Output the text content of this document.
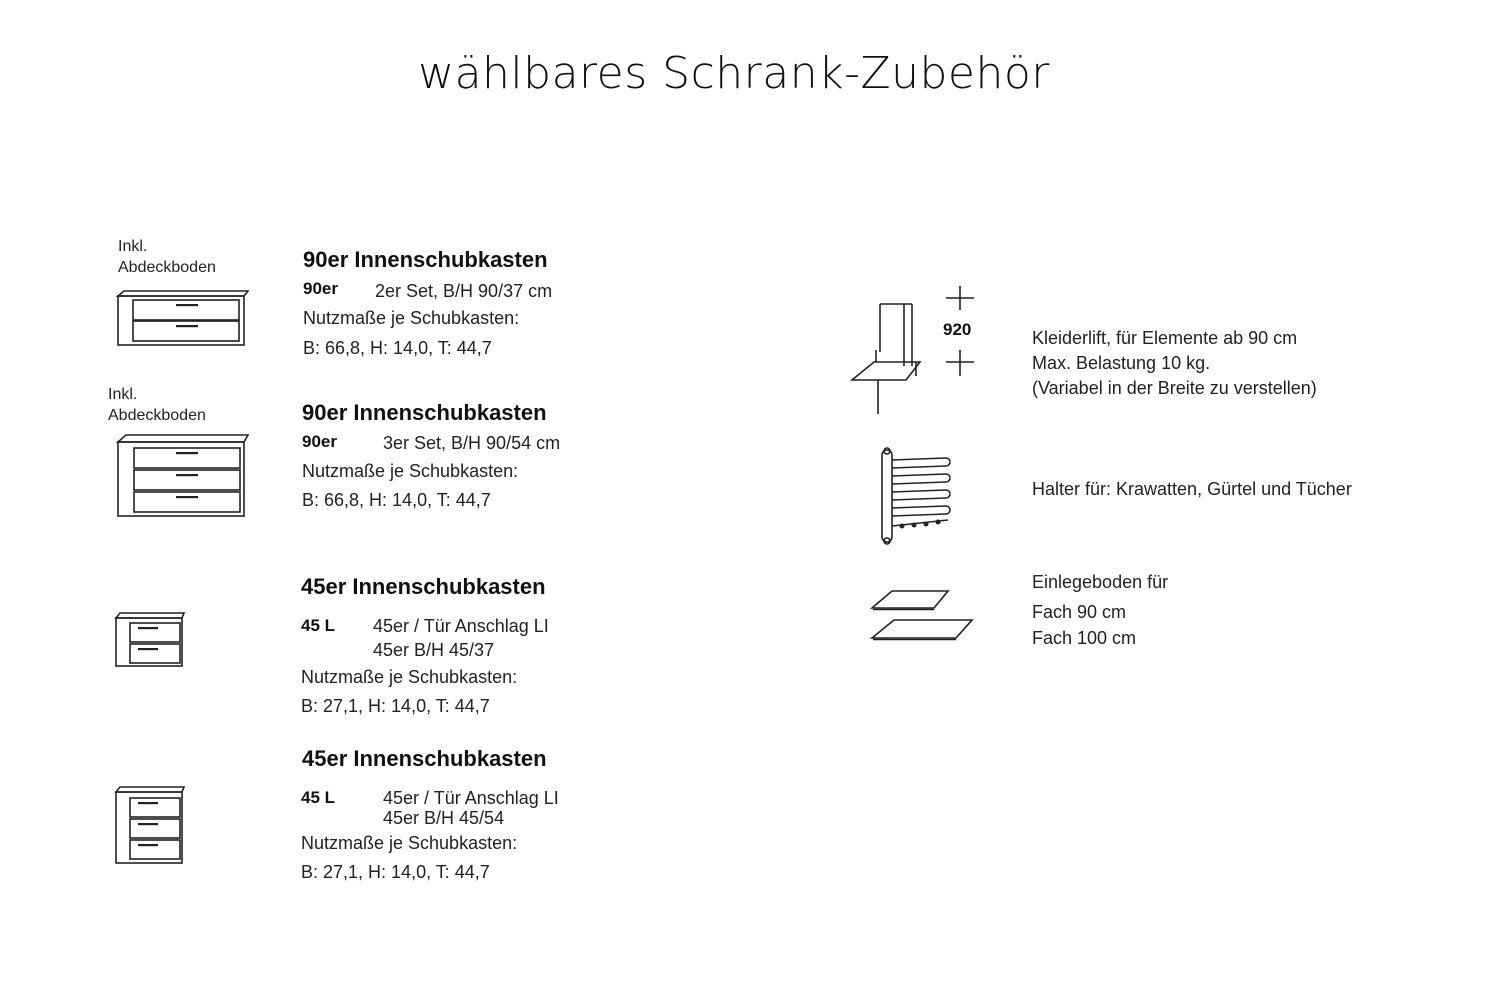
wählbares Schrank-Zubehör
Inkl.
Abdeckboden	90er Innenschubkasten
90er 2er Set, B/H 90/37 cm
Nutzmaße je Schubkasten:
B: 66,8, H: 14,0, T: 44,7
Inkl.
Abdeckboden	90er Innenschubkasten
90er	3er Set, B/H 90/54 cm
Nutzmaße je Schubkasten:
B: 66,8, H: 14,0, T: 44,7
45er Innenschubkasten
45 L 45er / Tür Anschlag LI
45er B/H 45/37
Nutzmaße je Schubkasten:
B: 27,1, H: 14,0, T: 44,7
45er Innenschubkasten
45 L	45er / Tür Anschlag LI
45er B/H 45/54
Nutzmaße je Schubkasten:
B: 27,1, H: 14,0, T: 44,7
920	Kleiderlift, für Elemente ab 90 cm
Max. Belastung 10 kg.
(Variabel in der Breite zu verstellen)
Halter für: Krawatten, Gürtel und Tücher
Einlegeboden für
Fach 90 cm
Fach 100 cm
